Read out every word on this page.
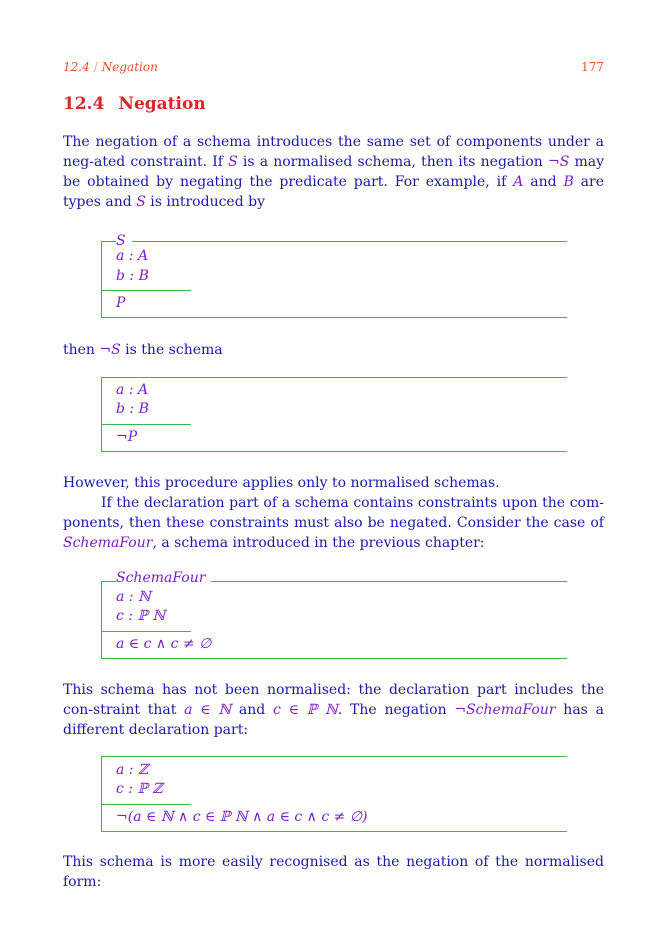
12.4 / Negation	177
12.4 Negation

The negation of a schema introduces the same set of components under a neg-ated constraint. If S is a normalised schema, then its negation ¬S may be obtained by negating the predicate part. For example, if A and B are types and S is introduced by

S
a : A
b : B
P

then ¬S is the schema

a : A
b : B
¬P

However, this procedure applies only to normalised schemas.

If the declaration part of a schema contains constraints upon the com-ponents, then these constraints must also be negated. Consider the case of SchemaFour, a schema introduced in the previous chapter:

SchemaFour
a : ℕ
c : ℙ ℕ
a ∈ c ∧ c ≠ ∅

This schema has not been normalised: the declaration part includes the con-straint that a ∈ ℕ and c ∈ ℙ ℕ. The negation ¬SchemaFour has a different declaration part:

a : ℤ
c : ℙ ℤ
¬(a ∈ ℕ ∧ c ∈ ℙ ℕ ∧ a ∈ c ∧ c ≠ ∅)

This schema is more easily recognised as the negation of the normalised form:
